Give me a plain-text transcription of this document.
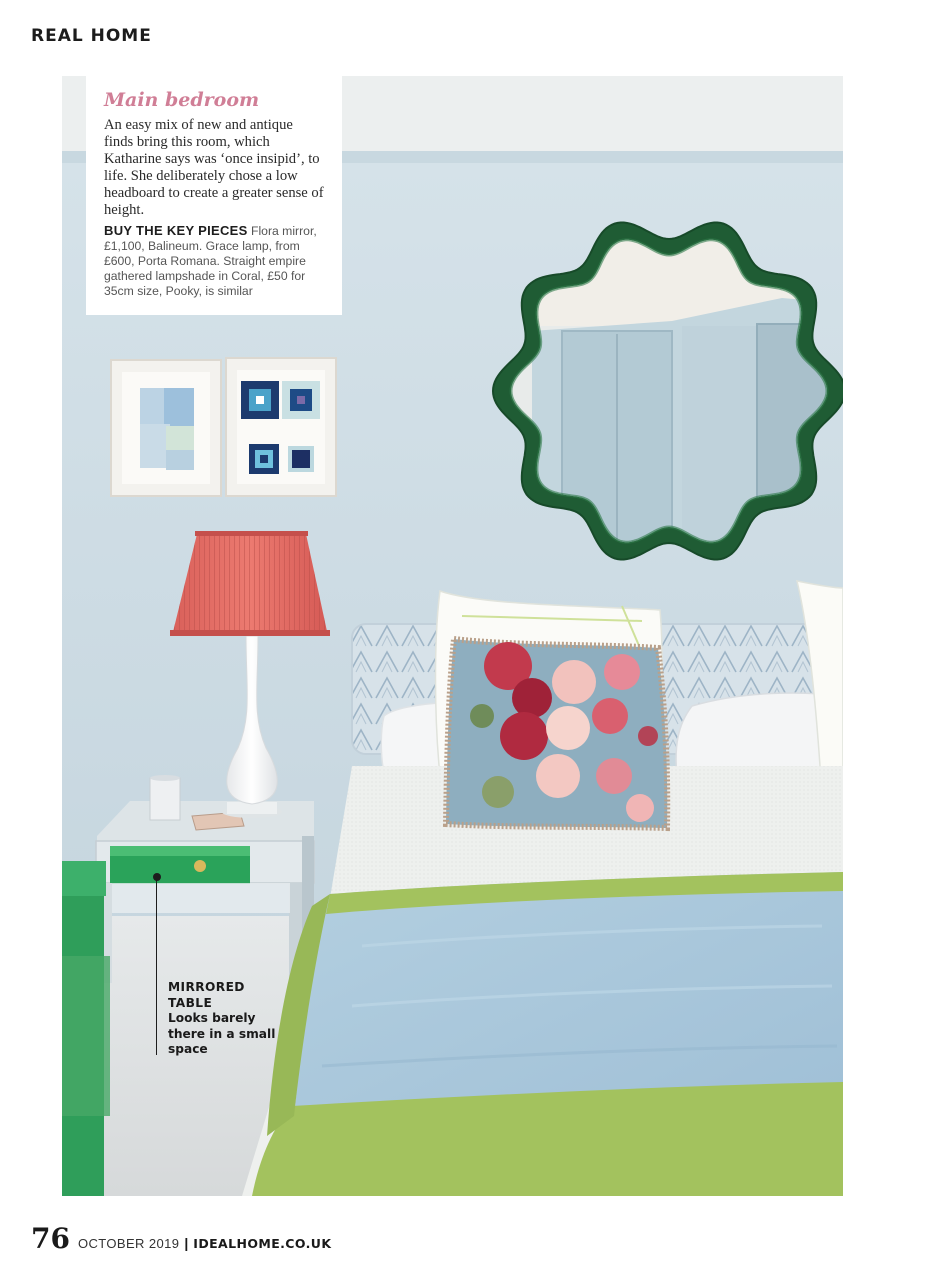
REAL HOME
Main bedroom
An easy mix of new and antique finds bring this room, which Katharine says was ‘once insipid’, to life. She deliberately chose a low headboard to create a greater sense of height.
BUY THE KEY PIECES Flora mirror, £1,100, Balineum. Grace lamp, from £600, Porta Romana. Straight empire gathered lampshade in Coral, £50 for 35cm size, Pooky, is similar
MIRRORED
TABLE
Looks barely there in a small space
76 OCTOBER 2019 | IDEALHOME.CO.UK
